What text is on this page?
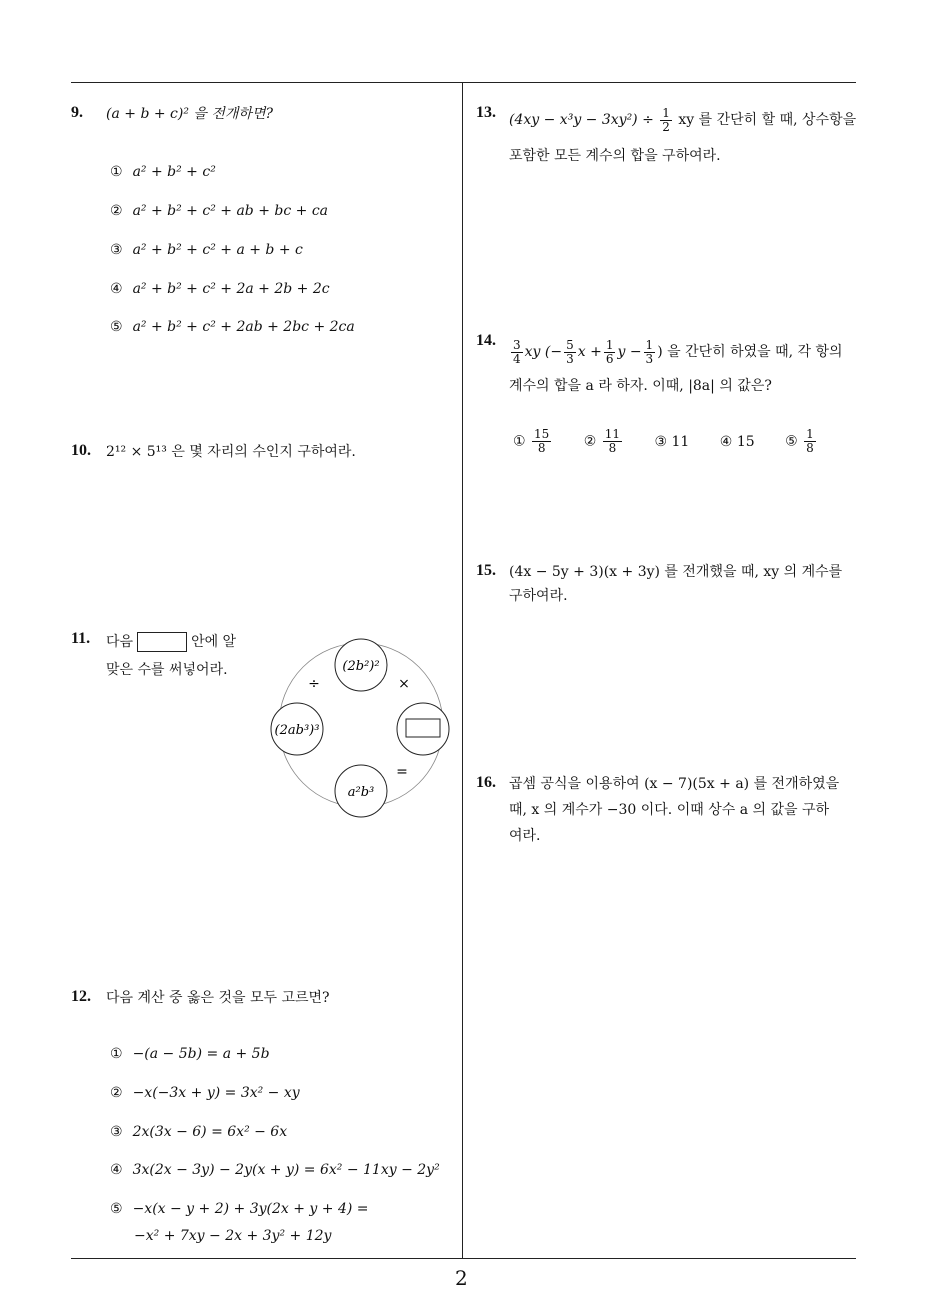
9. (a + b + c)² 을 전개하면?
① a² + b² + c²
② a² + b² + c² + ab + bc + ca
③ a² + b² + c² + a + b + c
④ a² + b² + c² + 2a + 2b + 2c
⑤ a² + b² + c² + 2ab + 2bc + 2ca
10. 2¹² × 5¹³ 은 몇 자리의 수인지 구하여라.
11. 다음	안에 알
맞은 수를 써넣어라.	(2b²)²
(2ab³)³
a²b³
÷	×
=
12. 다음 계산 중 옳은 것을 모두 고르면?
① −(a − 5b) = a + 5b
② −x(−3x + y) = 3x² − xy
③ 2x(3x − 6) = 6x² − 6x
④ 3x(2x − 3y) − 2y(x + y) = 6x² − 11xy − 2y²
⑤ −x(x − y + 2) + 3y(2x + y + 4) =
−x² + 7xy − 2x + 3y² + 12y
13. $(4xy - x^3y - 3xy^2) \div \frac{1}{2}$ xy 를 간단히 할 때, 상수항을
포함한 모든 계수의 합을 구하여라.
14. $\frac{3}{4}$ xy (− $\frac{5}{3}$ $x + \frac{1}{6}$ $y - \frac{1}{3}$ ) 을 간단히 하였을 때, 각 항의
계수의 합을 a 라 하자. 이때, |8a| 의 값은?
① $\frac{15}{8}$ ② $\frac{11}{8}$ ③ 11 ④ 15 ⑤ $\frac{1}{8}$
15. (4x − 5y + 3)(x + 3y) 를 전개했을 때, xy 의 계수를
구하여라.
16. 곱셈 공식을 이용하여 (x − 7)(5x + a) 를 전개하였을
때, x 의 계수가 −30 이다. 이때 상수 a 의 값을 구하
여라.
2
